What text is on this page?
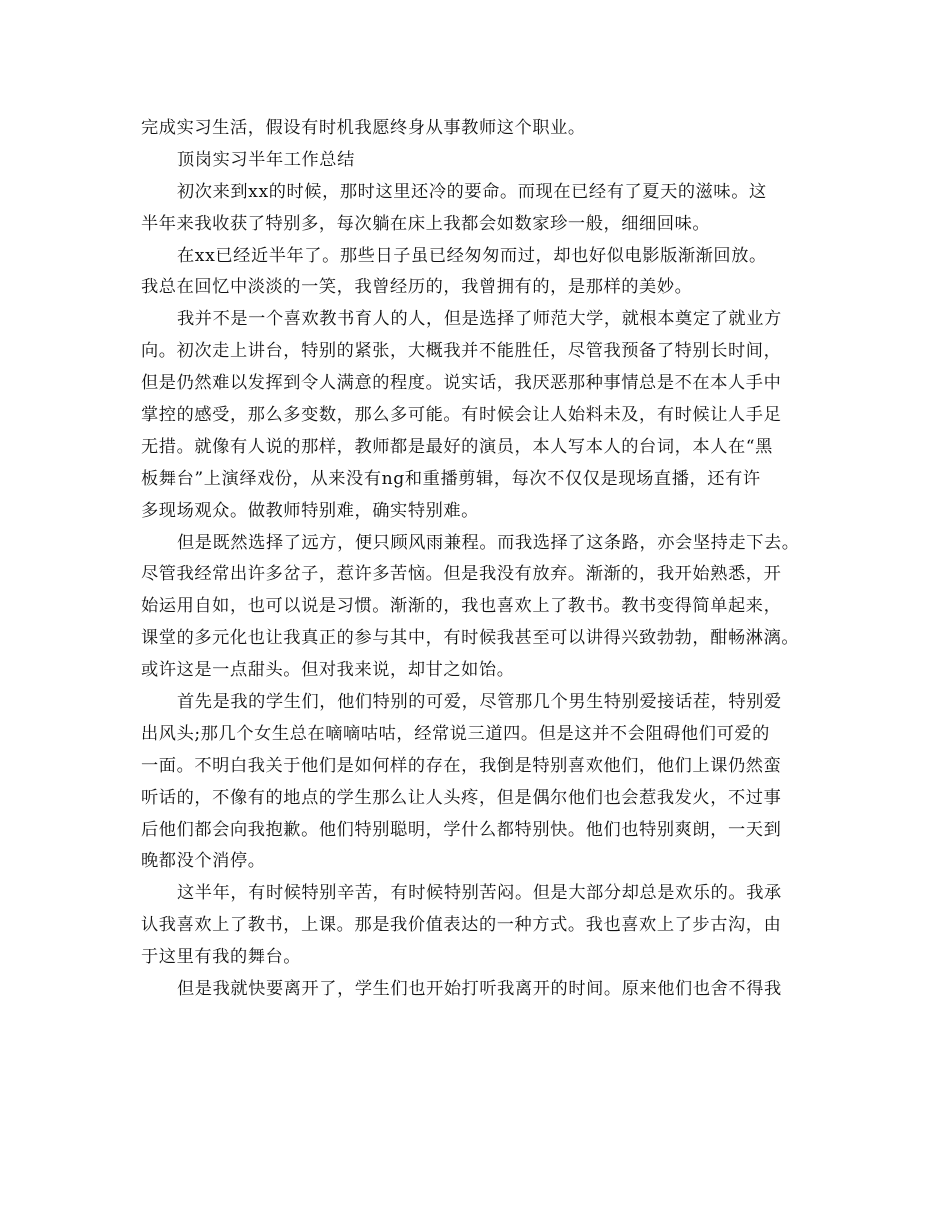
完成实习生活，假设有时机我愿终身从事教师这个职业。
顶岗实习半年工作总结
初次来到xx的时候，那时这里还冷的要命。而现在已经有了夏天的滋味。这
半年来我收获了特别多，每次躺在床上我都会如数家珍一般，细细回味。
在xx已经近半年了。那些日子虽已经匆匆而过，却也好似电影版渐渐回放。
我总在回忆中淡淡的一笑，我曾经历的，我曾拥有的，是那样的美妙。
我并不是一个喜欢教书育人的人，但是选择了师范大学，就根本奠定了就业方
向。初次走上讲台，特别的紧张，大概我并不能胜任，尽管我预备了特别长时间，
但是仍然难以发挥到令人满意的程度。说实话，我厌恶那种事情总是不在本人手中
掌控的感受，那么多变数，那么多可能。有时候会让人始料未及，有时候让人手足
无措。就像有人说的那样，教师都是最好的演员，本人写本人的台词，本人在“黑
板舞台”上演绎戏份，从来没有ng和重播剪辑，每次不仅仅是现场直播，还有许
多现场观众。做教师特别难，确实特别难。
但是既然选择了远方，便只顾风雨兼程。而我选择了这条路，亦会坚持走下去。
尽管我经常出许多岔子，惹许多苦恼。但是我没有放弃。渐渐的，我开始熟悉，开
始运用自如，也可以说是习惯。渐渐的，我也喜欢上了教书。教书变得简单起来，
课堂的多元化也让我真正的参与其中，有时候我甚至可以讲得兴致勃勃，酣畅淋漓。
或许这是一点甜头。但对我来说，却甘之如饴。
首先是我的学生们，他们特别的可爱，尽管那几个男生特别爱接话茬，特别爱
出风头;那几个女生总在嘀嘀咕咕，经常说三道四。但是这并不会阻碍他们可爱的
一面。不明白我关于他们是如何样的存在，我倒是特别喜欢他们，他们上课仍然蛮
听话的，不像有的地点的学生那么让人头疼，但是偶尔他们也会惹我发火，不过事
后他们都会向我抱歉。他们特别聪明，学什么都特别快。他们也特别爽朗，一天到
晚都没个消停。
这半年，有时候特别辛苦，有时候特别苦闷。但是大部分却总是欢乐的。我承
认我喜欢上了教书，上课。那是我价值表达的一种方式。我也喜欢上了步古沟，由
于这里有我的舞台。
但是我就快要离开了，学生们也开始打听我离开的时间。原来他们也舍不得我
